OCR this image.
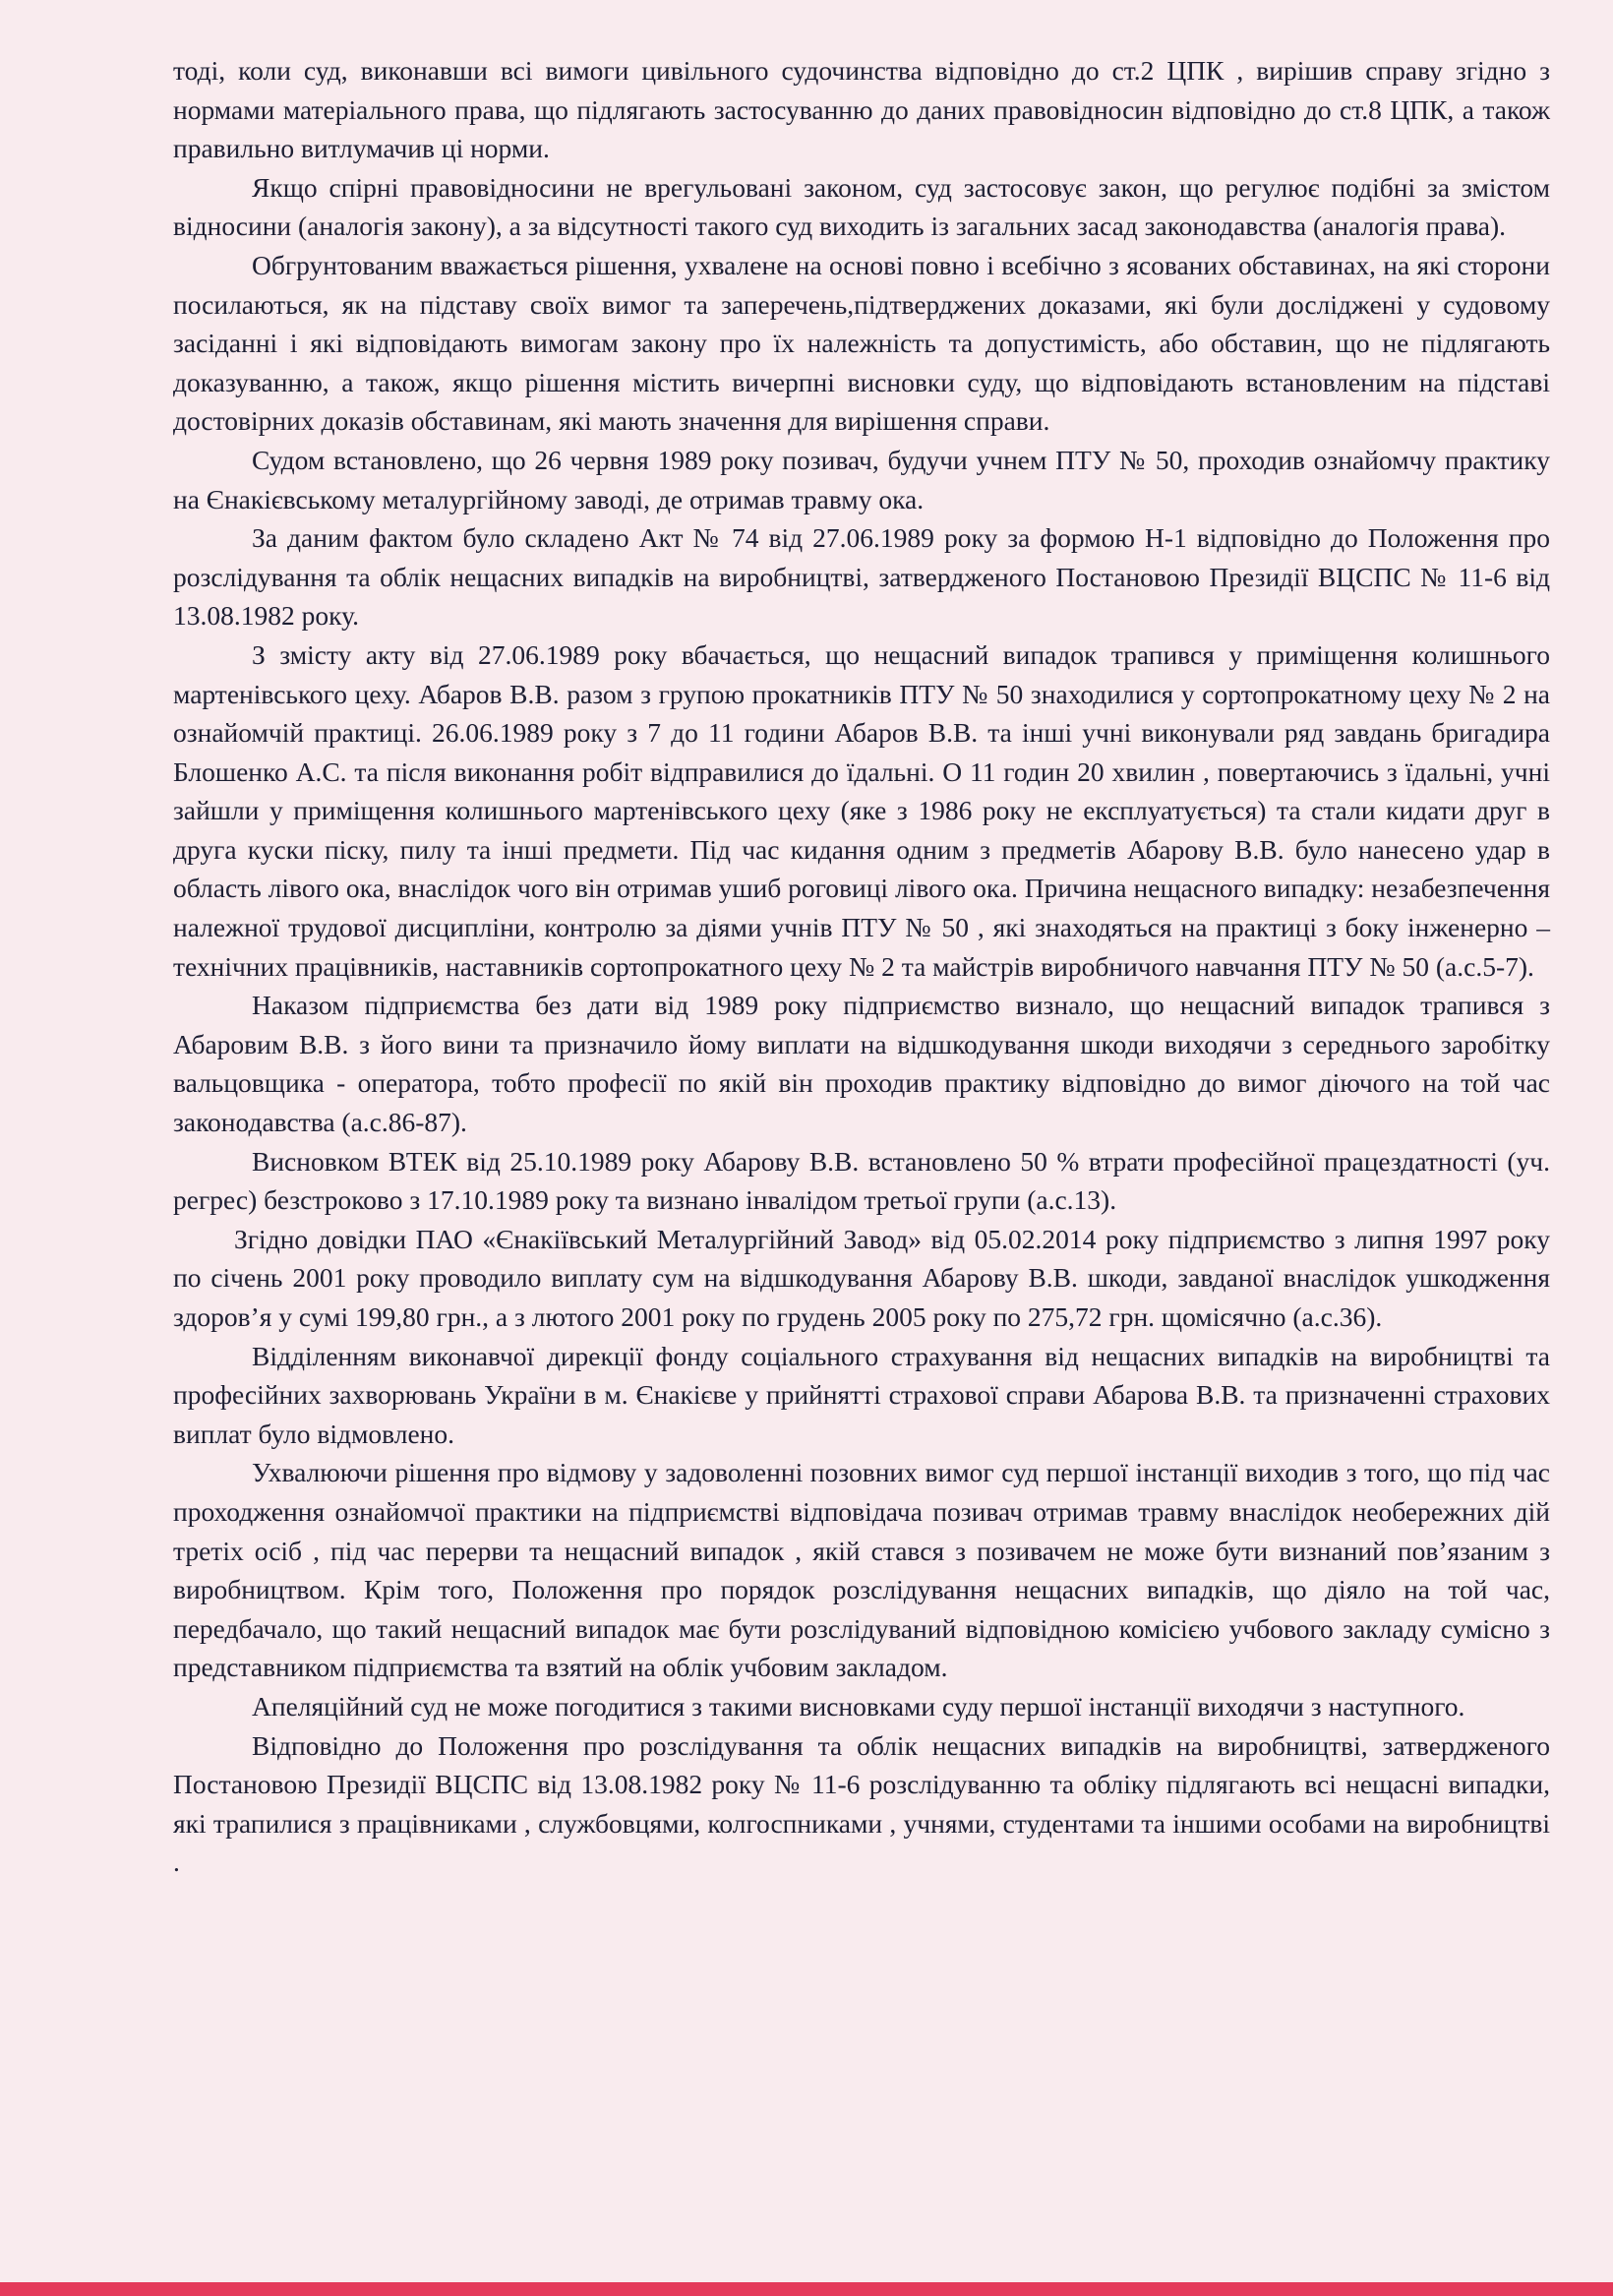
тоді, коли суд, виконавши всі вимоги цивільного судочинства відповідно до ст.2 ЦПК , вирішив справу згідно з нормами матеріального права, що підлягають застосуванню до даних правовідносин відповідно до ст.8 ЦПК, а також правильно витлумачив ці норми.

Якщо спірні правовідносини не врегульовані законом, суд застосовує закон, що регулює подібні за змістом відносини (аналогія закону), а за відсутності такого суд виходить із загальних засад законодавства (аналогія права).

Обгрунтованим вважається рішення, ухвалене на основі повно і всебічно з ясованих обставинах, на які сторони посилаються, як на підставу своїх вимог та заперечень,підтверджених доказами, які були досліджені у судовому засіданні і які відповідають вимогам закону про їх належність та допустимість, або обставин, що не підлягають доказуванню, а також, якщо рішення містить вичерпні висновки суду, що відповідають встановленим на підставі достовірних доказів обставинам, які мають значення для вирішення справи.

Судом встановлено, що 26 червня 1989 року позивач, будучи учнем ПТУ № 50, проходив ознайомчу практику на Єнакієвському металургійному заводі, де отримав травму ока.

За даним фактом було складено Акт № 74 від 27.06.1989 року за формою Н-1 відповідно до Положення про розслідування та облік нещасних випадків на виробництві, затвердженого Постановою Президії ВЦСПС № 11-6 від 13.08.1982 року.

З змісту акту від 27.06.1989 року вбачається, що нещасний випадок трапився у приміщення колишнього мартенівського цеху. Абаров В.В. разом з групою прокатників ПТУ № 50 знаходилися у сортопрокатному цеху № 2 на ознайомчій практиці. 26.06.1989 року з 7 до 11 години Абаров В.В. та інші учні виконували ряд завдань бригадира Блошенко А.С. та після виконання робіт відправилися до їдальні. О 11 годин 20 хвилин , повертаючись з їдальні, учні зайшли у приміщення колишнього мартенівського цеху (яке з 1986 року не експлуатується) та стали кидати друг в друга куски піску, пилу та інші предмети. Під час кидання одним з предметів Абарову В.В. було нанесено удар в область лівого ока, внаслідок чого він отримав ушиб роговиці лівого ока. Причина нещасного випадку: незабезпечення належної трудової дисципліни, контролю за діями учнів ПТУ № 50 , які знаходяться на практиці з боку інженерно – технічних працівників, наставників сортопрокатного цеху № 2 та майстрів виробничого навчання ПТУ № 50 (а.с.5-7).

Наказом підприємства без дати від 1989 року підприємство визнало, що нещасний випадок трапився з Абаровим В.В. з його вини та призначило йому виплати на відшкодування шкоди виходячи з середнього заробітку вальцовщика - оператора, тобто професії по якій він проходив практику відповідно до вимог діючого на той час законодавства (а.с.86-87).

Висновком ВТЕК від 25.10.1989 року Абарову В.В. встановлено 50 % втрати професійної працездатності (уч. регрес) безстроково з 17.10.1989 року та визнано інвалідом третьої групи (а.с.13).

Згідно довідки ПАО «Єнакіївський Металургійний Завод» від 05.02.2014 року підприємство з липня 1997 року по січень 2001 року проводило виплату сум на відшкодування Абарову В.В. шкоди, завданої внаслідок ушкодження здоров’я у сумі 199,80 грн., а з лютого 2001 року по грудень 2005 року по 275,72 грн. щомісячно (а.с.36).

Відділенням виконавчої дирекції фонду соціального страхування від нещасних випадків на виробництві та професійних захворювань України в м. Єнакієве у прийнятті страхової справи Абарова В.В. та призначенні страхових виплат було відмовлено.

Ухвалюючи рішення про відмову у задоволенні позовних вимог суд першої інстанції виходив з того, що під час проходження ознайомчої практики на підприємстві відповідача позивач отримав травму внаслідок необережних дій третіх осіб , під час перерви та нещасний випадок , якій стався з позивачем не може бути визнаний пов’язаним з виробництвом. Крім того, Положення про порядок розслідування нещасних випадків, що діяло на той час, передбачало, що такий нещасний випадок має бути розслідуваний відповідною комісією учбового закладу сумісно з представником підприємства та взятий на облік учбовим закладом.

Апеляційний суд не може погодитися з такими висновками суду першої інстанції виходячи з наступного.

Відповідно до Положення про розслідування та облік нещасних випадків на виробництві, затвердженого Постановою Президії ВЦСПС від 13.08.1982 року № 11-6 розслідуванню та обліку підлягають всі нещасні випадки, які трапилися з працівниками , службовцями, колгоспниками , учнями, студентами та іншими особами на виробництві .
